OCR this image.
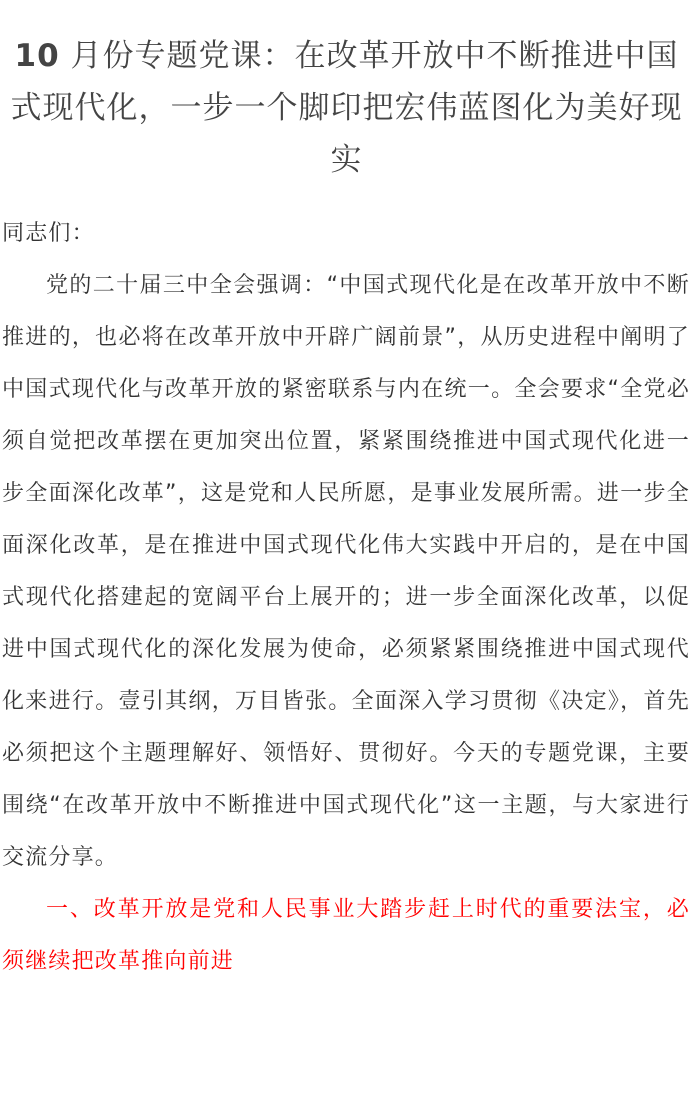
10 月份专题党课：在改革开放中不断推进中国式现代化，一步一个脚印把宏伟蓝图化为美好现实

同志们：

党的二十届三中全会强调：“中国式现代化是在改革开放中不断推进的，也必将在改革开放中开辟广阔前景”，从历史进程中阐明了中国式现代化与改革开放的紧密联系与内在统一。全会要求“全党必须自觉把改革摆在更加突出位置，紧紧围绕推进中国式现代化进一步全面深化改革”，这是党和人民所愿，是事业发展所需。进一步全面深化改革，是在推进中国式现代化伟大实践中开启的，是在中国式现代化搭建起的宽阔平台上展开的；进一步全面深化改革，以促进中国式现代化的深化发展为使命，必须紧紧围绕推进中国式现代化来进行。壹引其纲，万目皆张。全面深入学习贯彻《决定》，首先必须把这个主题理解好、领悟好、贯彻好。今天的专题党课，主要围绕“在改革开放中不断推进中国式现代化”这一主题，与大家进行交流分享。

一、改革开放是党和人民事业大踏步赶上时代的重要法宝，必须继续把改革推向前进
